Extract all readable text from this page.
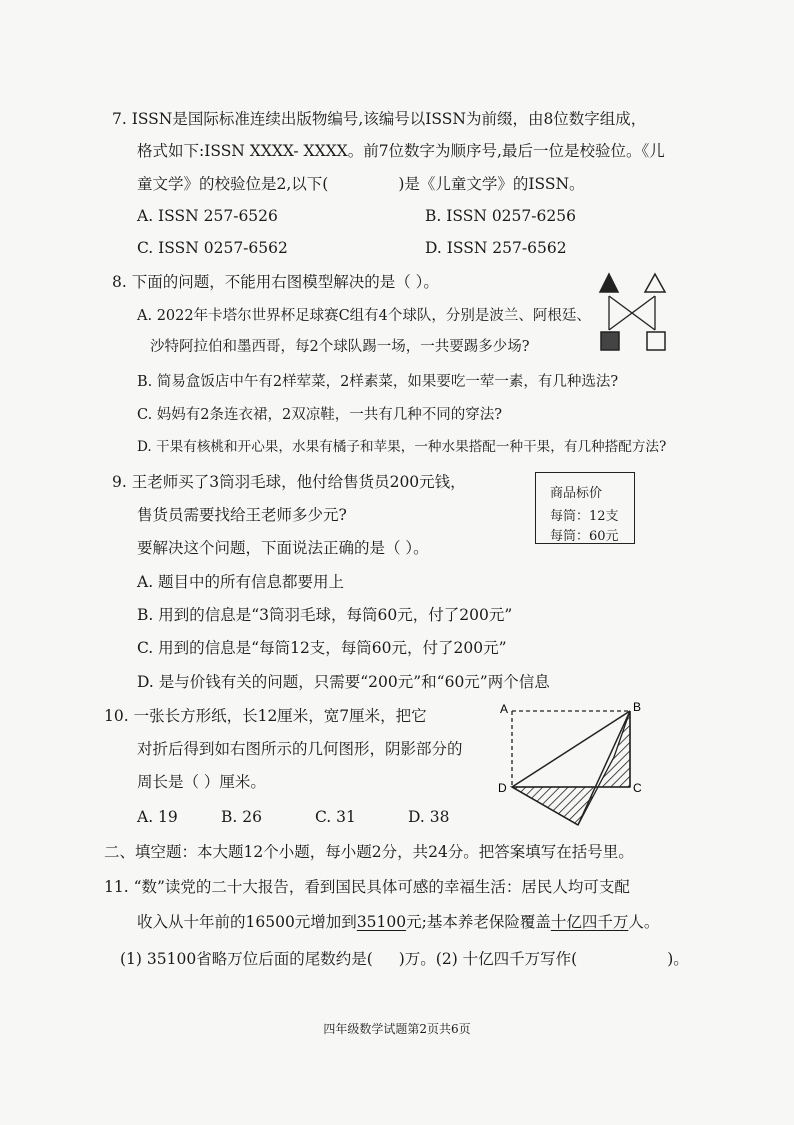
7. ISSN是国际标准连续出版物编号,该编号以ISSN为前缀，由8位数字组成，
格式如下:ISSN XXXX- XXXX。前7位数字为顺序号,最后一位是校验位。《儿
童文学》的校验位是2,以下(	)是《儿童文学》的ISSN。
A. ISSN 257-6526	B. ISSN 0257-6256
C. ISSN 0257-6562	D. ISSN 257-6562
8. 下面的问题，不能用右图模型解决的是（ ）。
A. 2022年卡塔尔世界杯足球赛C组有4个球队，分别是波兰、阿根廷、
沙特阿拉伯和墨西哥，每2个球队踢一场，一共要踢多少场?
B. 简易盒饭店中午有2样荤菜，2样素菜，如果要吃一荤一素，有几种选法?
C. 妈妈有2条连衣裙，2双凉鞋，一共有几种不同的穿法?
D. 干果有核桃和开心果，水果有橘子和苹果，一种水果搭配一种干果，有几种搭配方法?
9. 王老师买了3筒羽毛球，他付给售货员200元钱，
售货员需要找给王老师多少元?
要解决这个问题，下面说法正确的是（ ）。
商品标价
每筒：12支
每筒：60元
A. 题目中的所有信息都要用上
B. 用到的信息是“3筒羽毛球，每筒60元，付了200元”
C. 用到的信息是“每筒12支，每筒60元，付了200元”
D. 是与价钱有关的问题，只需要“200元”和“60元”两个信息
10. 一张长方形纸，长12厘米，宽7厘米，把它
对折后得到如右图所示的几何图形，阴影部分的
周长是（ ）厘米。
A. 19	B. 26	C. 31	D. 38
A	B
C
D
二、填空题：本大题12个小题，每小题2分，共24分。把答案填写在括号里。
11. “数”读党的二十大报告，看到国民具体可感的幸福生活：居民人均可支配
收入从十年前的16500元增加到35100元;基本养老保险覆盖十亿四千万人。
(1) 35100省略万位后面的尾数约是( )万。(2) 十亿四千万写作(	)。
四年级数学试题第2页共6页
